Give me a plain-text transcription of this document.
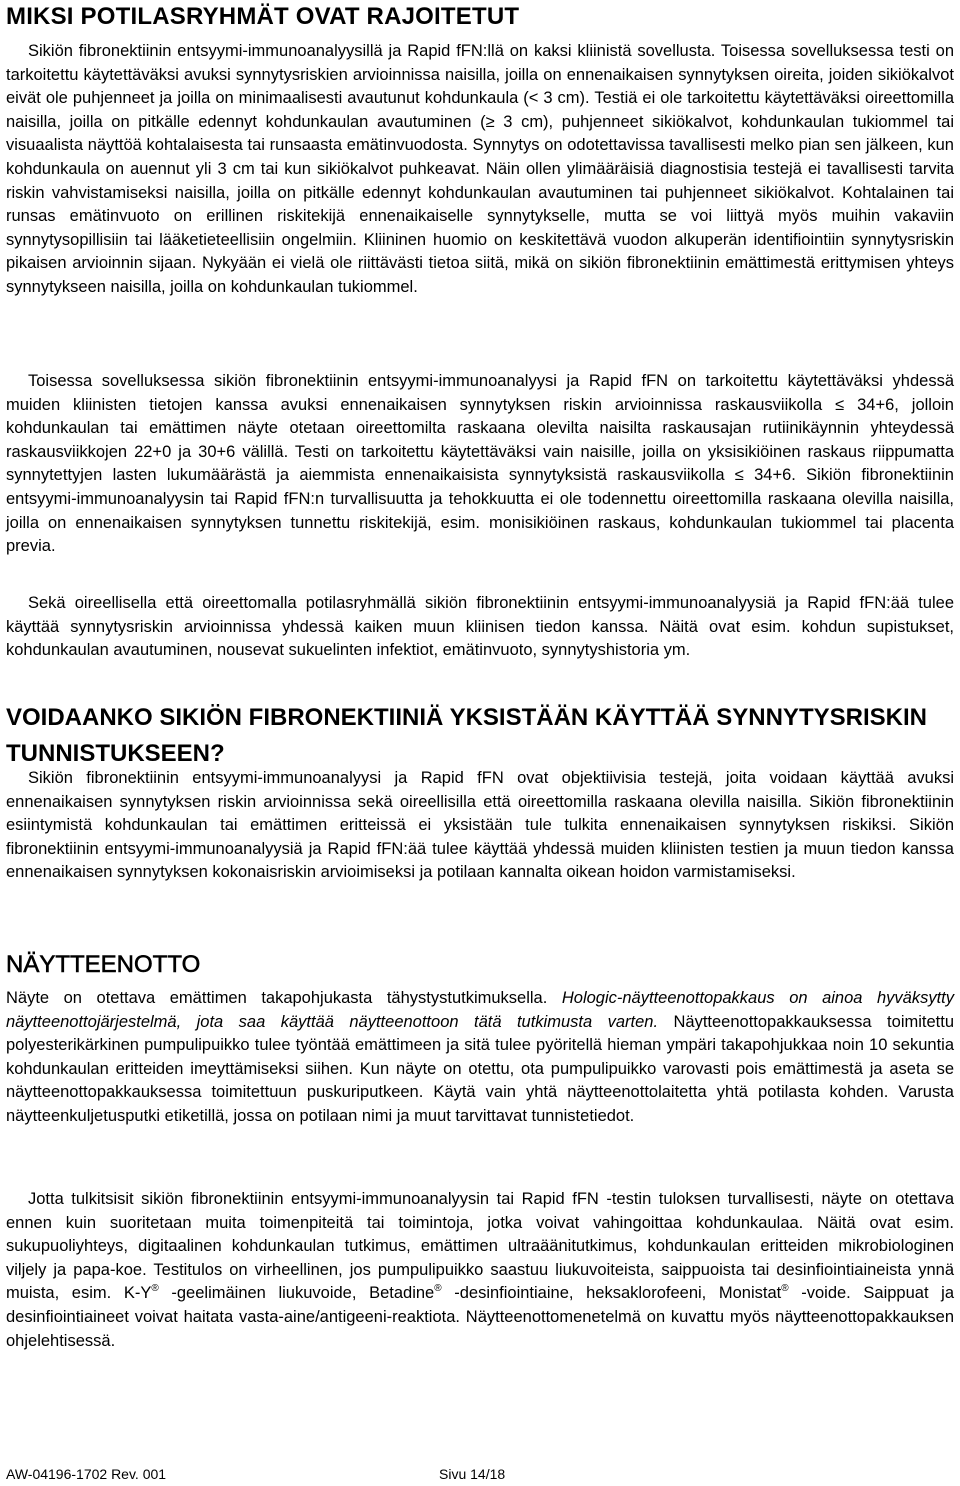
MIKSI POTILASRYHMÄT OVAT RAJOITETUT

Sikiön fibronektiinin entsyymi-immunoanalyysillä ja Rapid fFN:llä on kaksi kliinistä sovellusta. Toisessa sovelluksessa testi on tarkoitettu käytettäväksi avuksi synnytysriskien arvioinnissa naisilla, joilla on ennenaikaisen synnytyksen oireita, joiden sikiökalvot eivät ole puhjenneet ja joilla on minimaalisesti avautunut kohdunkaula (< 3 cm). Testiä ei ole tarkoitettu käytettäväksi oireettomilla naisilla, joilla on pitkälle edennyt kohdunkaulan avautuminen (≥ 3 cm), puhjenneet sikiökalvot, kohdunkaulan tukiommel tai visuaalista näyttöä kohtalaisesta tai runsaasta emätinvuodosta. Synnytys on odotettavissa tavallisesti melko pian sen jälkeen, kun kohdunkaula on auennut yli 3 cm tai kun sikiökalvot puhkeavat. Näin ollen ylimääräisiä diagnostisia testejä ei tavallisesti tarvita riskin vahvistamiseksi naisilla, joilla on pitkälle edennyt kohdunkaulan avautuminen tai puhjenneet sikiökalvot. Kohtalainen tai runsas emätinvuoto on erillinen riskitekijä ennenaikaiselle synnytykselle, mutta se voi liittyä myös muihin vakaviin synnytysopillisiin tai lääketieteellisiin ongelmiin. Kliininen huomio on keskitettävä vuodon alkuperän identifiointiin synnytysriskin pikaisen arvioinnin sijaan. Nykyään ei vielä ole riittävästi tietoa siitä, mikä on sikiön fibronektiinin emättimestä erittymisen yhteys synnytykseen naisilla, joilla on kohdunkaulan tukiommel.

Toisessa sovelluksessa sikiön fibronektiinin entsyymi-immunoanalyysi ja Rapid fFN on tarkoitettu käytettäväksi yhdessä muiden kliinisten tietojen kanssa avuksi ennenaikaisen synnytyksen riskin arvioinnissa raskausviikolla ≤ 34+6, jolloin kohdunkaulan tai emättimen näyte otetaan oireettomilta raskaana olevilta naisilta raskausajan rutiinikäynnin yhteydessä raskausviikkojen 22+0 ja 30+6 välillä. Testi on tarkoitettu käytettäväksi vain naisille, joilla on yksisikiöinen raskaus riippumatta synnytettyjen lasten lukumäärästä ja aiemmista ennenaikaisista synnytyksistä raskausviikolla ≤ 34+6. Sikiön fibronektiinin entsyymi-immunoanalyysin tai Rapid fFN:n turvallisuutta ja tehokkuutta ei ole todennettu oireettomilla raskaana olevilla naisilla, joilla on ennenaikaisen synnytyksen tunnettu riskitekijä, esim. monisikiöinen raskaus, kohdunkaulan tukiommel tai placenta previa.

Sekä oireellisella että oireettomalla potilasryhmällä sikiön fibronektiinin entsyymi-immunoanalyysiä ja Rapid fFN:ää tulee käyttää synnytysriskin arvioinnissa yhdessä kaiken muun kliinisen tiedon kanssa. Näitä ovat esim. kohdun supistukset, kohdunkaulan avautuminen, nousevat sukuelinten infektiot, emätinvuoto, synnytyshistoria ym.

VOIDAANKO SIKIÖN FIBRONEKTIINIÄ YKSISTÄÄN KÄYTTÄÄ SYNNYTYSRISKIN TUNNISTUKSEEN?

Sikiön fibronektiinin entsyymi-immunoanalyysi ja Rapid fFN ovat objektiivisia testejä, joita voidaan käyttää avuksi ennenaikaisen synnytyksen riskin arvioinnissa sekä oireellisilla että oireettomilla raskaana olevilla naisilla. Sikiön fibronektiinin esiintymistä kohdunkaulan tai emättimen eritteissä ei yksistään tule tulkita ennenaikaisen synnytyksen riskiksi. Sikiön fibronektiinin entsyymi-immunoanalyysiä ja Rapid fFN:ää tulee käyttää yhdessä muiden kliinisten testien ja muun tiedon kanssa ennenaikaisen synnytyksen kokonaisriskin arvioimiseksi ja potilaan kannalta oikean hoidon varmistamiseksi.

NÄYTTEENOTTO

Näyte on otettava emättimen takapohjukasta tähystystutkimuksella. Hologic-näytteenottopakkaus on ainoa hyväksytty näytteenottojärjestelmä, jota saa käyttää näytteenottoon tätä tutkimusta varten. Näytteenottopakkauksessa toimitettu polyesterikärkinen pumpulipuikko tulee työntää emättimeen ja sitä tulee pyöritellä hieman ympäri takapohjukkaa noin 10 sekuntia kohdunkaulan eritteiden imeyttämiseksi siihen. Kun näyte on otettu, ota pumpulipuikko varovasti pois emättimestä ja aseta se näytteenottopakkauksessa toimitettuun puskuriputkeen. Käytä vain yhtä näytteenottolaitetta yhtä potilasta kohden. Varusta näytteenkuljetusputki etiketillä, jossa on potilaan nimi ja muut tarvittavat tunnistetiedot.

Jotta tulkitsisit sikiön fibronektiinin entsyymi-immunoanalyysin tai Rapid fFN -testin tuloksen turvallisesti, näyte on otettava ennen kuin suoritetaan muita toimenpiteitä tai toimintoja, jotka voivat vahingoittaa kohdunkaulaa. Näitä ovat esim. sukupuoliyhteys, digitaalinen kohdunkaulan tutkimus, emättimen ultraäänitutkimus, kohdunkaulan eritteiden mikrobiologinen viljely ja papa-koe. Testitulos on virheellinen, jos pumpulipuikko saastuu liukuvoiteista, saippuoista tai desinfiointiaineista ynnä muista, esim. K-Y® -geelimäinen liukuvoide, Betadine® -desinfiointiaine, heksaklorofeeni, Monistat® -voide. Saippuat ja desinfiointiaineet voivat haitata vasta-aine/antigeeni-reaktiota. Näytteenottomenetelmä on kuvattu myös näytteenottopakkauksen ohjelehtisessä.

AW-04196-1702 Rev. 001	Sivu 14/18
